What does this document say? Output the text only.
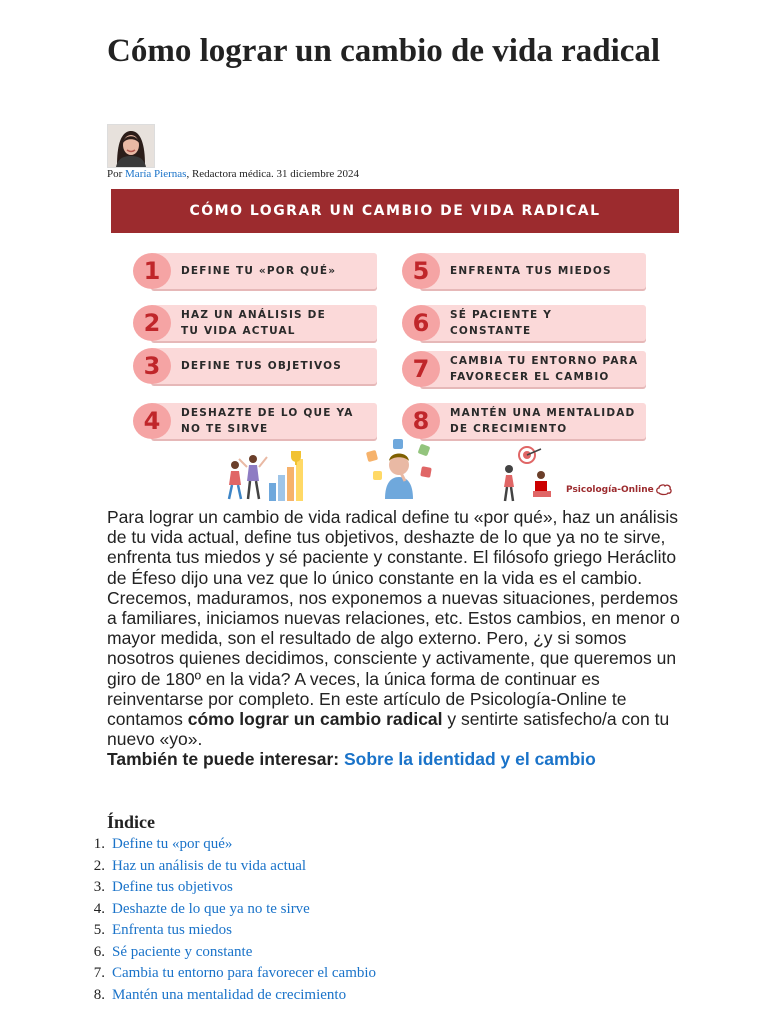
Cómo lograr un cambio de vida radical
Por María Piernas, Redactora médica. 31 diciembre 2024
CÓMO LOGRAR UN CAMBIO DE VIDA RADICAL
DEFINE TU «POR QUÉ»
1
HAZ UN ANÁLISIS DE
TU VIDA ACTUAL
2
DEFINE TUS OBJETIVOS
3
DESHAZTE DE LO QUE YA
NO TE SIRVE
4
ENFRENTA TUS MIEDOS
5
SÉ PACIENTE Y
CONSTANTE
6
CAMBIA TU ENTORNO PARA
FAVORECER EL CAMBIO
7
MANTÉN UNA MENTALIDAD
DE CRECIMIENTO
8
Psicología-Online

Para lograr un cambio de vida radical define tu «por qué», haz un análisis de tu vida actual, define tus objetivos, deshazte de lo que ya no te sirve, enfrenta tus miedos y sé paciente y constante. El filósofo griego Heráclito de Éfeso dijo una vez que lo único constante en la vida es el cambio.

Crecemos, maduramos, nos exponemos a nuevas situaciones, perdemos a familiares, iniciamos nuevas relaciones, etc. Estos cambios, en menor o mayor medida, son el resultado de algo externo. Pero, ¿y si somos nosotros quienes decidimos, consciente y activamente, que queremos un giro de 180º en la vida? A veces, la única forma de continuar es reinventarse por completo. En este artículo de Psicología-Online te contamos cómo lograr un cambio radical y sentirte satisfecho/a con tu nuevo «yo».

También te puede interesar: Sobre la identidad y el cambio

Índice
1. Define tu «por qué»
2. Haz un análisis de tu vida actual
3. Define tus objetivos
4. Deshazte de lo que ya no te sirve
5. Enfrenta tus miedos
6. Sé paciente y constante
7. Cambia tu entorno para favorecer el cambio
8. Mantén una mentalidad de crecimiento
